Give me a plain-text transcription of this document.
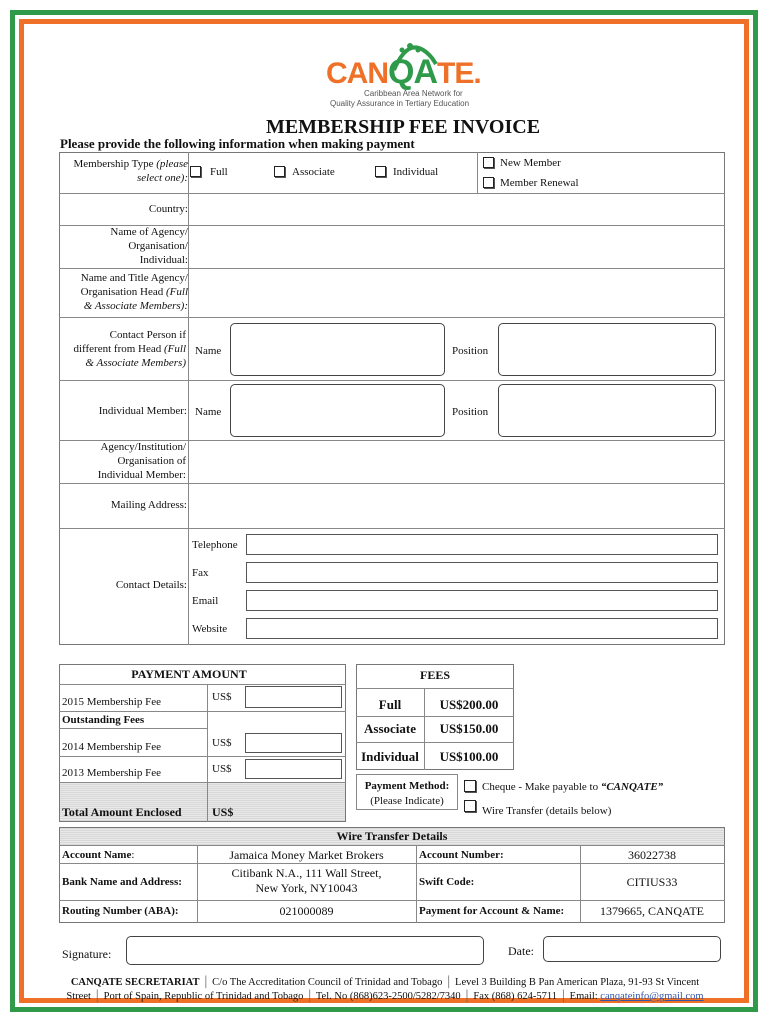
CANQATE.
Caribbean Area Network for
Quality Assurance in Tertiary Education
MEMBERSHIP FEE INVOICE
Please provide the following information when making payment
Membership Type (please
select one): Full	Associate	Individual
New Member
Member Renewal
Country:
Name of Agency/
Organisation/
Individual:
Name and Title Agency/
Organisation Head (Full
& Associate Members):
Contact Person if
different from Head (Full
& Associate Members)
Name	Position
Individual Member: Name	Position
Agency/Institution/
Organisation of
Individual Member:
Mailing Address:
Contact Details:
Telephone
Fax
Email
Website
PAYMENT AMOUNT
2015 Membership Fee	US$
Outstanding Fees
2014 Membership Fee	US$
2013 Membership Fee	US$
Total Amount Enclosed	US$
FEES
Full	US$200.00
Associate	US$150.00
Individual	US$100.00
Payment Method:
(Please Indicate)
Cheque - Make payable to “CANQATE”
Wire Transfer (details below)
Wire Transfer Details
Account Name:	Jamaica Money Market Brokers	Account Number:	36022738
Bank Name and Address:
Citibank N.A., 111 Wall Street,
New York, NY10043	Swift Code:	CITIUS33
Routing Number (ABA):	021000089	Payment for Account & Name:	1379665, CANQATE
Signature:	Date:
CANQATE SECRETARIAT │ C/o The Accreditation Council of Trinidad and Tobago │ Level 3 Building B Pan American Plaza, 91-93 St Vincent
Street │ Port of Spain, Republic of Trinidad and Tobago │ Tel. No (868)623-2500/5282/7340 │ Fax (868) 624-5711 │ Email: canqateinfo@gmail.com
